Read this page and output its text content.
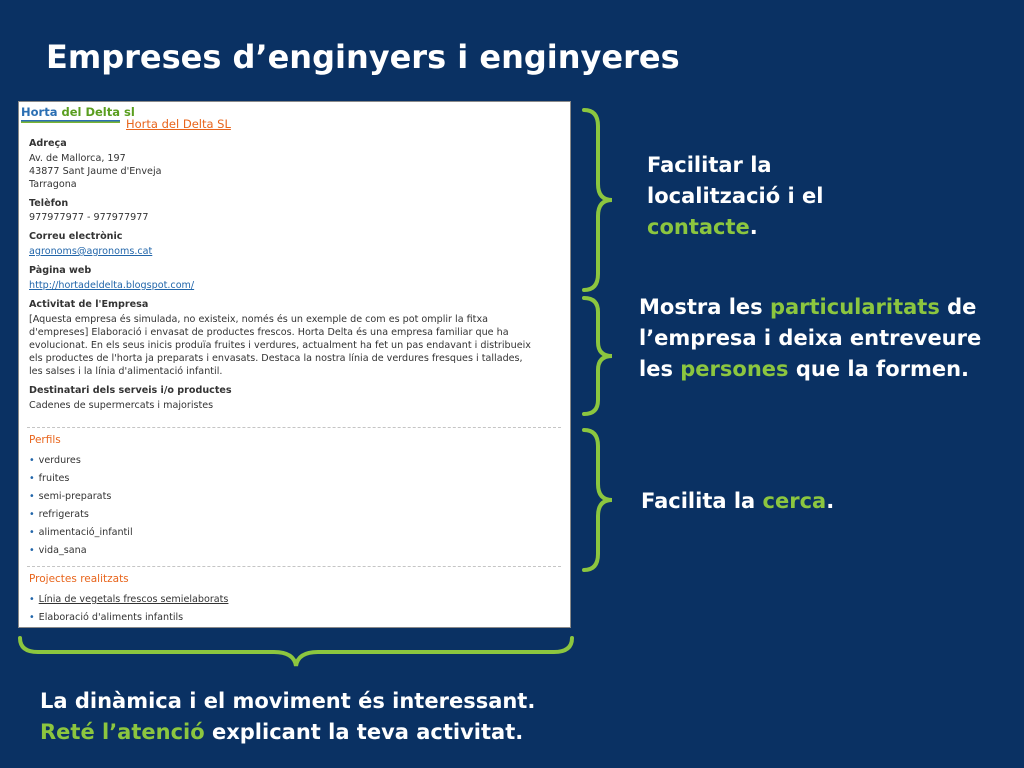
Empreses d’enginyers i enginyeres
Horta del Delta sl
Horta del Delta SL
Adreça
Av. de Mallorca, 197
43877 Sant Jaume d'Enveja
Tarragona
Telèfon
977977977 - 977977977
Correu electrònic
agronoms@agronoms.cat
Pàgina web
http://hortadeldelta.blogspot.com/
Activitat de l'Empresa
[Aquesta empresa és simulada, no existeix, només és un exemple de com es pot omplir la fitxa
d'empreses] Elaboració i envasat de productes frescos. Horta Delta és una empresa familiar que ha
evolucionat. En els seus inicis produïa fruites i verdures, actualment ha fet un pas endavant i distribueix
els productes de l'horta ja preparats i envasats. Destaca la nostra línia de verdures fresques i tallades,
les salses i la línia d'alimentació infantil.
Destinatari dels serveis i/o productes
Cadenes de supermercats i majoristes
Perfils
• verdures
• fruites
• semi-preparats
• refrigerats
• alimentació_infantil
• vida_sana
Projectes realitzats
• Línia de vegetals frescos semielaborats
• Elaboració d'aliments infantils

Facilitar la localització i el contacte.

Mostra les particularitats de l’empresa i deixa entreveure les persones que la formen.

Facilita la cerca.

La dinàmica i el moviment és interessant.
Reté l’atenció explicant la teva activitat.
